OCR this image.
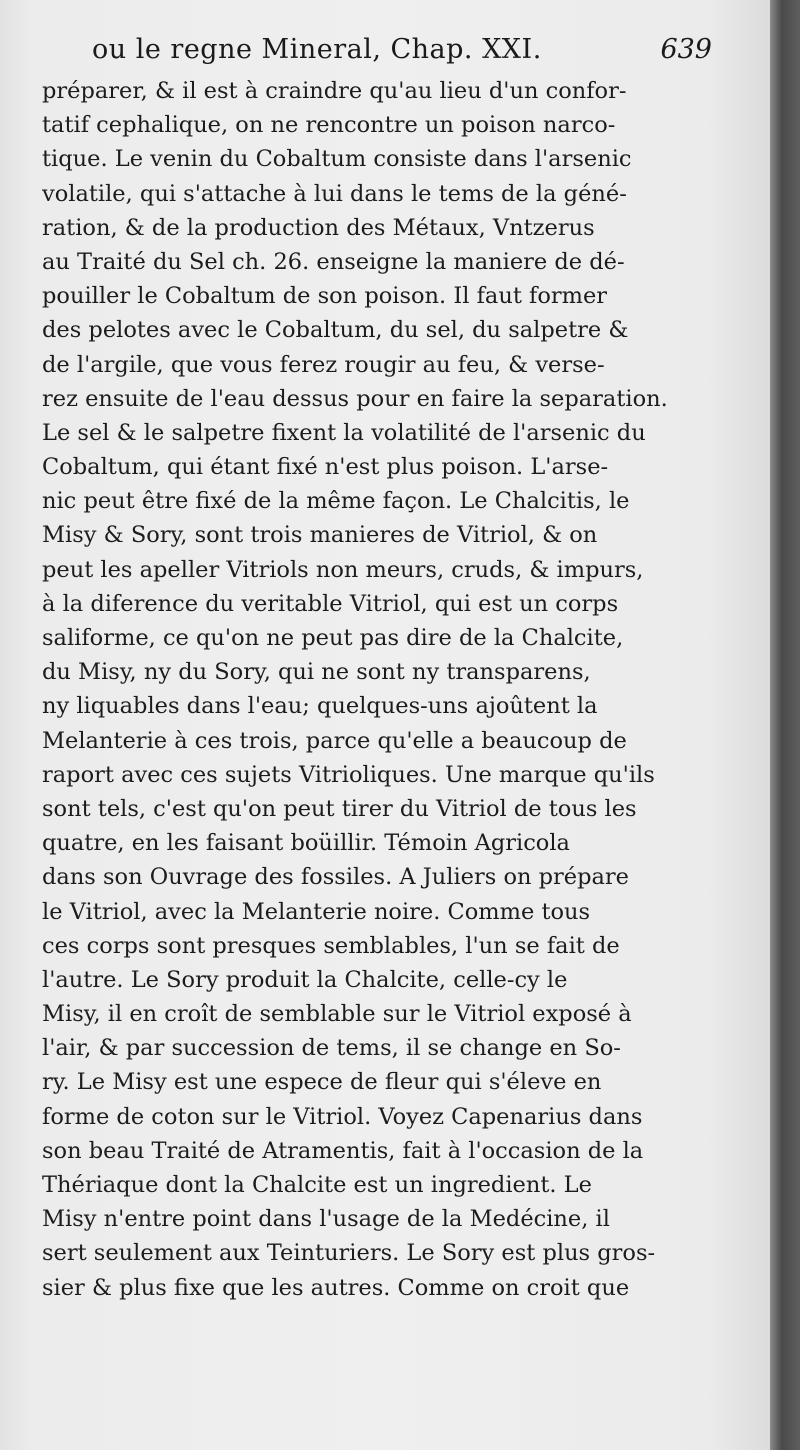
ou le regne Mineral, Chap. XXI.	639
préparer, & il est à craindre qu'au lieu d'un confor-
tatif cephalique, on ne rencontre un poison narco-
tique. Le venin du Cobaltum consiste dans l'arsenic
volatile, qui s'attache à lui dans le tems de la géné-
ration, & de la production des Métaux, Vntzerus
au Traité du Sel ch. 26. enseigne la maniere de dé-
pouiller le Cobaltum de son poison. Il faut former
des pelotes avec le Cobaltum, du sel, du salpetre &
de l'argile, que vous ferez rougir au feu, & verse-
rez ensuite de l'eau dessus pour en faire la separation.
Le sel & le salpetre fixent la volatilité de l'arsenic du
Cobaltum, qui étant fixé n'est plus poison. L'arse-
nic peut être fixé de la même façon. Le Chalcitis, le
Misy & Sory, sont trois manieres de Vitriol, & on
peut les apeller Vitriols non meurs, cruds, & impurs,
à la diference du veritable Vitriol, qui est un corps
saliforme, ce qu'on ne peut pas dire de la Chalcite,
du Misy, ny du Sory, qui ne sont ny transparens,
ny liquables dans l'eau; quelques-uns ajoûtent la
Melanterie à ces trois, parce qu'elle a beaucoup de
raport avec ces sujets Vitrioliques. Une marque qu'ils
sont tels, c'est qu'on peut tirer du Vitriol de tous les
quatre, en les faisant boüillir. Témoin Agricola
dans son Ouvrage des fossiles. A Juliers on prépare
le Vitriol, avec la Melanterie noire. Comme tous
ces corps sont presques semblables, l'un se fait de
l'autre. Le Sory produit la Chalcite, celle-cy le
Misy, il en croît de semblable sur le Vitriol exposé à
l'air, & par succession de tems, il se change en So-
ry. Le Misy est une espece de fleur qui s'éleve en
forme de coton sur le Vitriol. Voyez Capenarius dans
son beau Traité de Atramentis, fait à l'occasion de la
Thériaque dont la Chalcite est un ingredient. Le
Misy n'entre point dans l'usage de la Medécine, il
sert seulement aux Teinturiers. Le Sory est plus gros-
sier & plus fixe que les autres. Comme on croit que
